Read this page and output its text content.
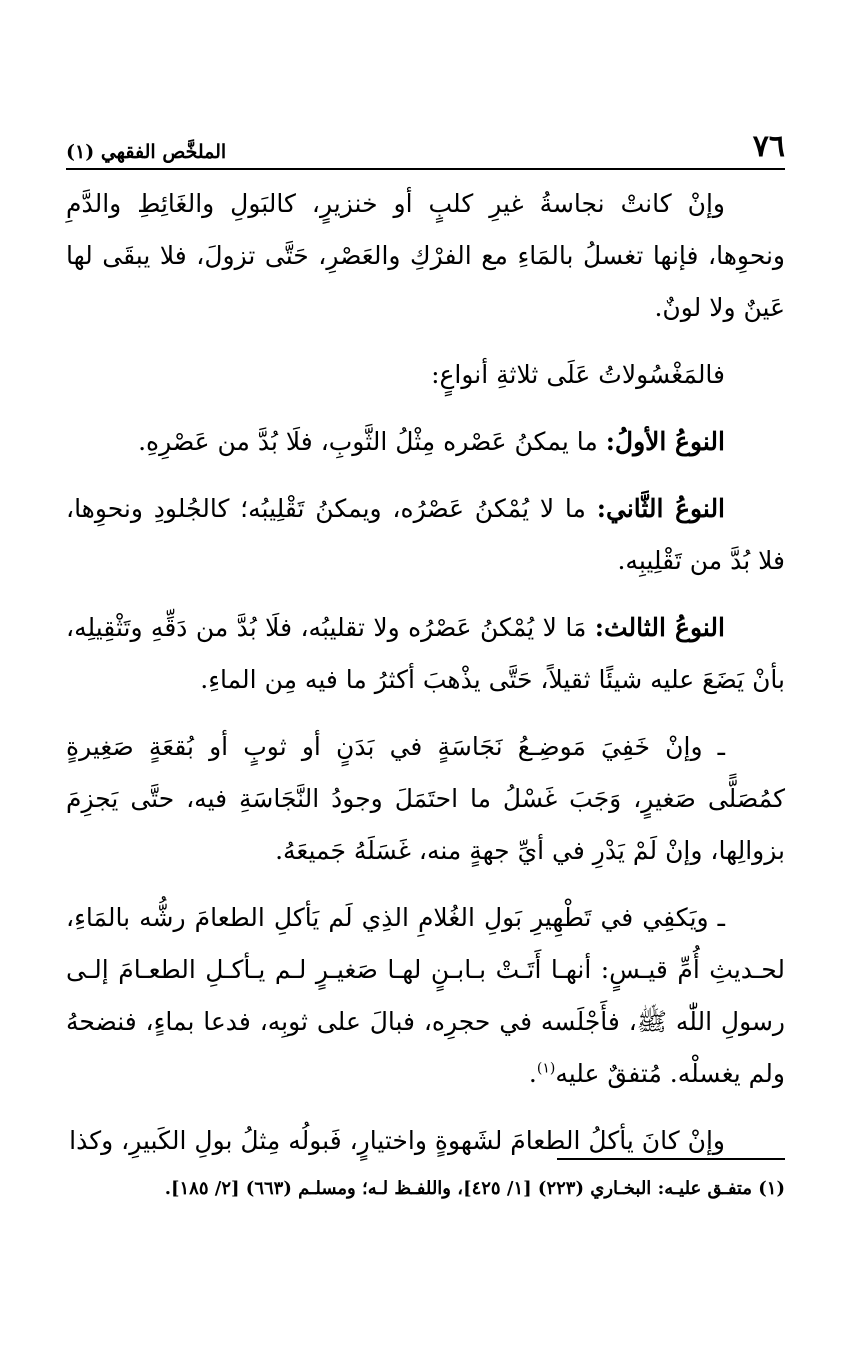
٧٦
الملخَّص الفقهي (١)

وإنْ كانتْ نجاسةُ غيرِ كلبٍ أو خنزيرٍ، كالبَولِ والغَائِطِ والدَّمِ ونحوِها، فإنها تغسلُ بالمَاءِ مع الفرْكِ والعَصْرِ، حَتَّى تزولَ، فلا يبقَى لها عَينٌ ولا لونٌ.

فالمَغْسُولاتُ عَلَى ثلاثةِ أنواعٍ:

النوعُ الأولُ: ما يمكنُ عَصْره مِثْلُ الثَّوبِ، فلَا بُدَّ من عَصْرِهِ.

النوعُ الثَّاني: ما لا يُمْكنُ عَصْرُه، ويمكنُ تَقْلِيبُه؛ كالجُلودِ ونحوِها، فلا بُدَّ من تَقْلِيبِه.

النوعُ الثالث: مَا لا يُمْكنُ عَصْرُه ولا تقليبُه، فلَا بُدَّ من دَقِّهِ وتَثْقِيلِه، بأنْ يَضَعَ عليه شيئًا ثقيلاً، حَتَّى يذْهبَ أكثرُ ما فيه مِن الماءِ.

ـ وإنْ خَفِيَ مَوضِـعُ نَجَاسَةٍ في بَدَنٍ أو ثوبٍ أو بُقعَةٍ صَغِيرةٍ كمُصَلًّى صَغيرٍ، وَجَبَ غَسْلُ ما احتَمَلَ وجودُ النَّجَاسَةِ فيه، حتَّى يَجزِمَ بزوالِها، وإنْ لَمْ يَدْرِ في أيِّ جهةٍ منه، غَسَلَهُ جَميعَهُ.

ـ ويَكفِي في تَطْهِيرِ بَولِ الغُلامِ الذِي لَم يَأكلِ الطعامَ رشُّه بالمَاءِ، لحـديثِ أُمِّ قيـسٍ: أنهـا أَتَـتْ بـابـنٍ لهـا صَغيـرٍ لـم يـأكـلِ الطعـامَ إلـى رسولِ اللّٰه ﷺ، فأَجْلَسه في حجرِه، فبالَ على ثوبِه، فدعا بماءٍ، فنضحهُ ولم يغسلْه. مُتفقٌ عليه$^{(١)}$.

وإنْ كانَ يأكلُ الطعامَ لشَهوةٍ واختيارٍ، فَبولُه مِثلُ بولِ الكَبيرِ، وكذا

(١) متفـق عليـه: البخـاري (٢٢٣) [١/ ٤٢٥]، واللفـظ لـه؛ ومسلـم (٦٦٣) [٢/ ١٨٥].
